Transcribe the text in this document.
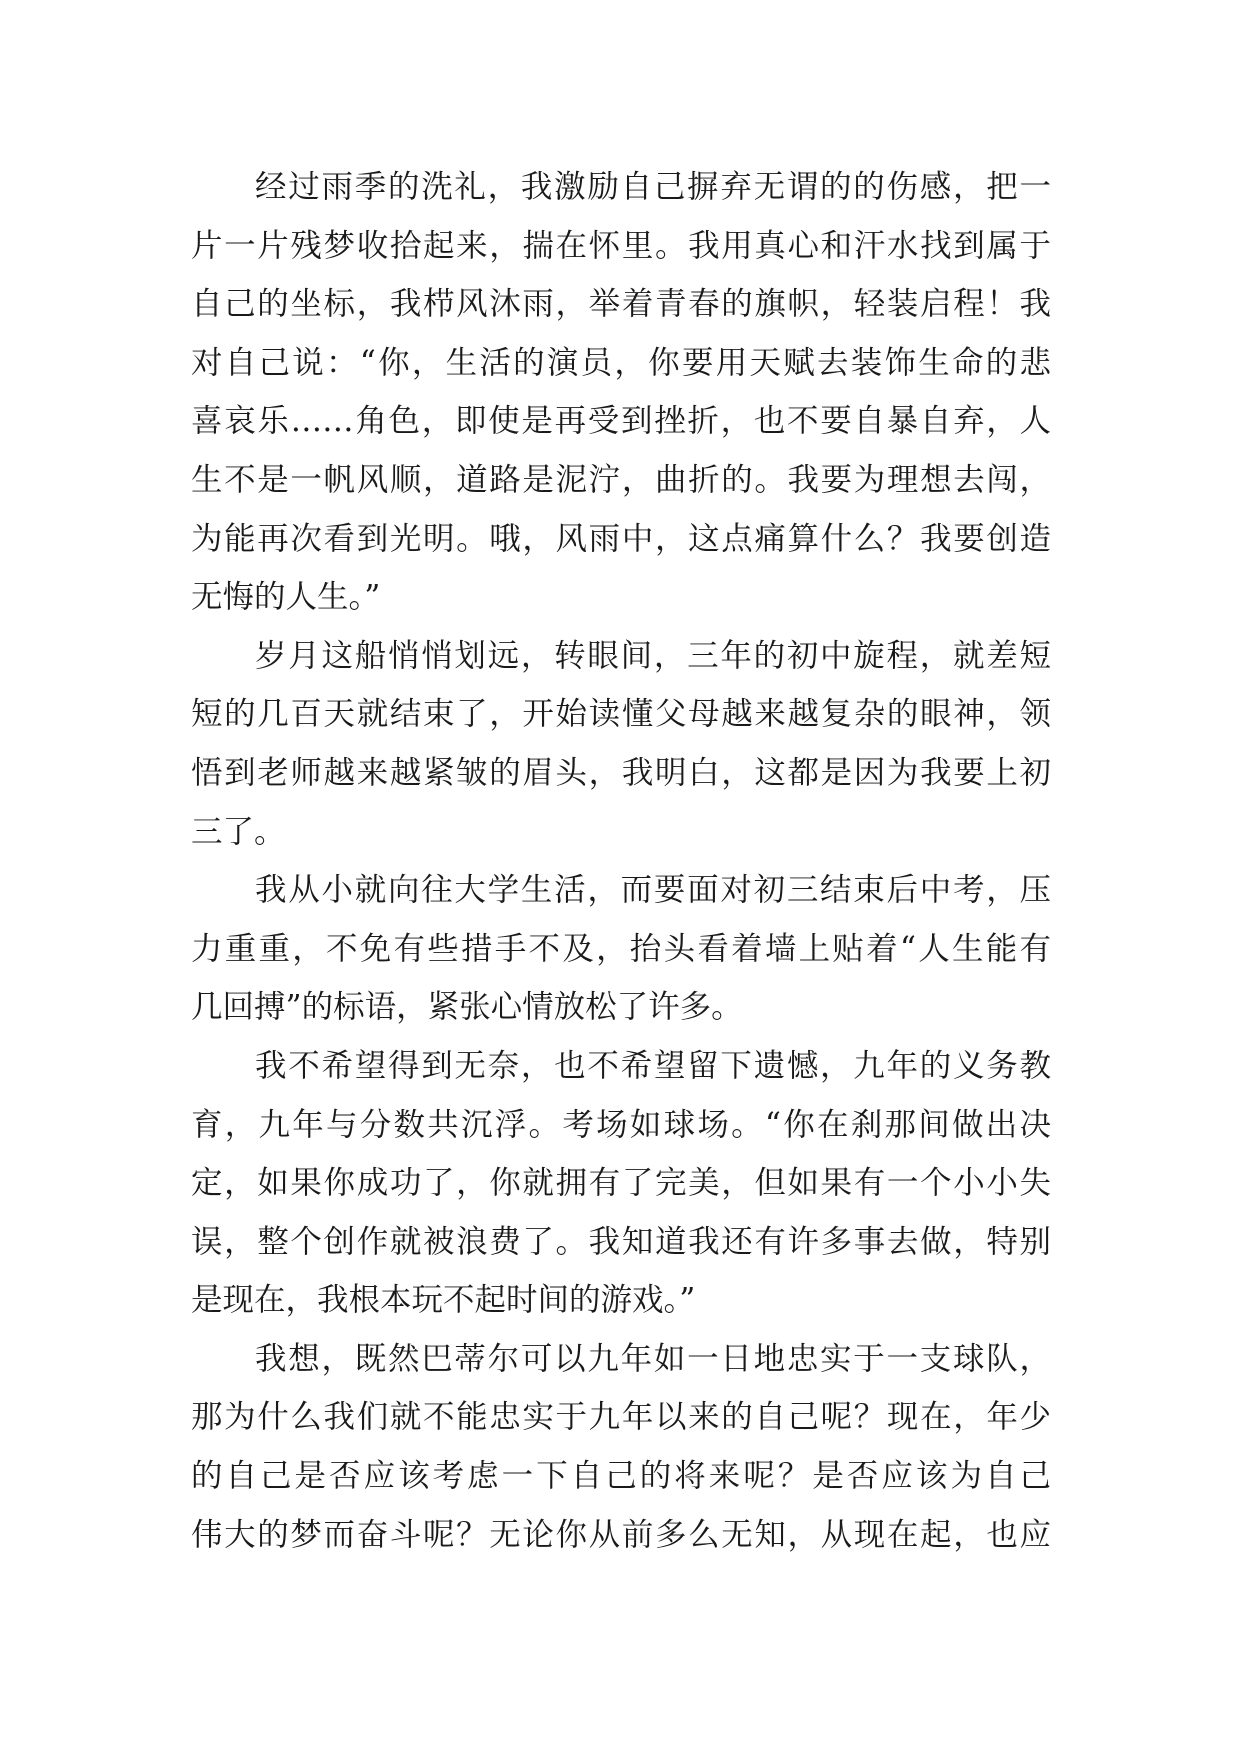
经过雨季的洗礼，我激励自己摒弃无谓的的伤感，把一
片一片残梦收拾起来，揣在怀里。我用真心和汗水找到属于
自己的坐标，我栉风沐雨，举着青春的旗帜，轻装启程！我
对自己说：“你，生活的演员，你要用天赋去装饰生命的悲
喜哀乐……角色，即使是再受到挫折，也不要自暴自弃，人
生不是一帆风顺，道路是泥泞，曲折的。我要为理想去闯，
为能再次看到光明。哦，风雨中，这点痛算什么？我要创造
无悔的人生。”
岁月这船悄悄划远，转眼间，三年的初中旋程，就差短
短的几百天就结束了，开始读懂父母越来越复杂的眼神，领
悟到老师越来越紧皱的眉头，我明白，这都是因为我要上初
三了。
我从小就向往大学生活，而要面对初三结束后中考，压
力重重，不免有些措手不及，抬头看着墙上贴着“人生能有
几回搏”的标语，紧张心情放松了许多。
我不希望得到无奈，也不希望留下遗憾，九年的义务教
育，九年与分数共沉浮。考场如球场。“你在刹那间做出决
定，如果你成功了，你就拥有了完美，但如果有一个小小失
误，整个创作就被浪费了。我知道我还有许多事去做，特别
是现在，我根本玩不起时间的游戏。”
我想，既然巴蒂尔可以九年如一日地忠实于一支球队，
那为什么我们就不能忠实于九年以来的自己呢？现在，年少
的自己是否应该考虑一下自己的将来呢？是否应该为自己
伟大的梦而奋斗呢？无论你从前多么无知，从现在起，也应
